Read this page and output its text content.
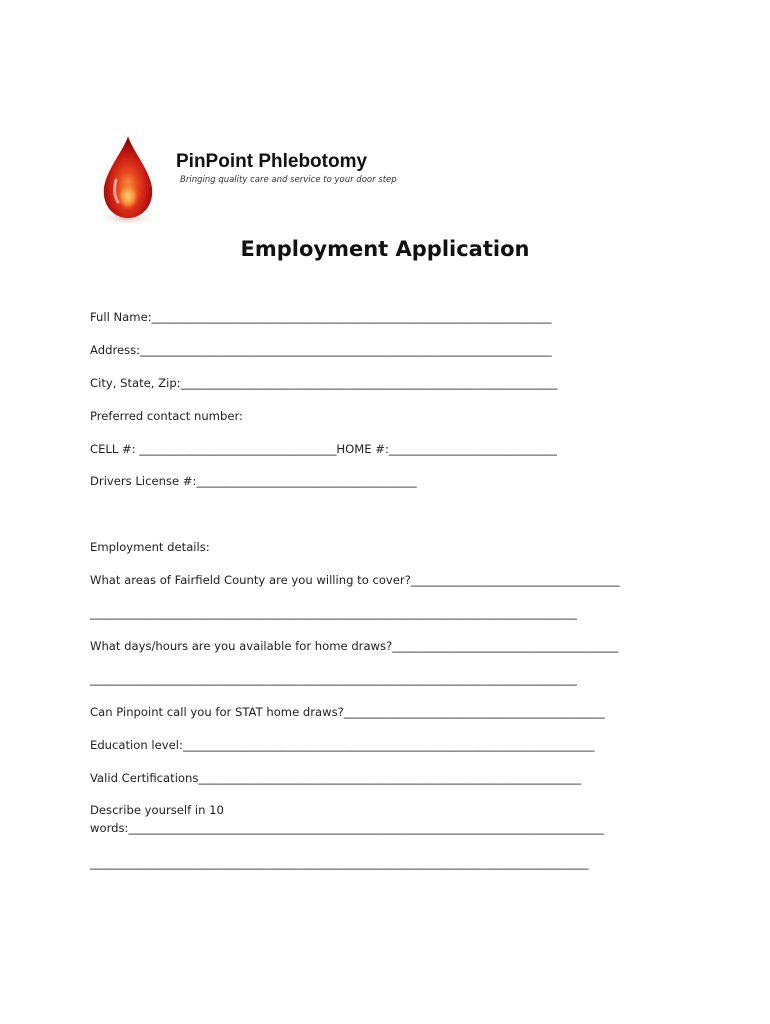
PinPoint Phlebotomy
Bringing quality care and service to your door step
Employment Application
Full Name:_____________________________________________________________________
Address:_______________________________________________________________________
City, State, Zip:_________________________________________________________________
Preferred contact number:
CELL #: __________________________________HOME #:_____________________________
Drivers License #:______________________________________
Employment details:
What areas of Fairfield County are you willing to cover?____________________________________
____________________________________________________________________________________
What days/hours are you available for home draws?_______________________________________
____________________________________________________________________________________
Can Pinpoint call you for STAT home draws?_____________________________________________
Education level:_______________________________________________________________________
Valid Certifications__________________________________________________________________
Describe yourself in 10
words:__________________________________________________________________________________
______________________________________________________________________________________
